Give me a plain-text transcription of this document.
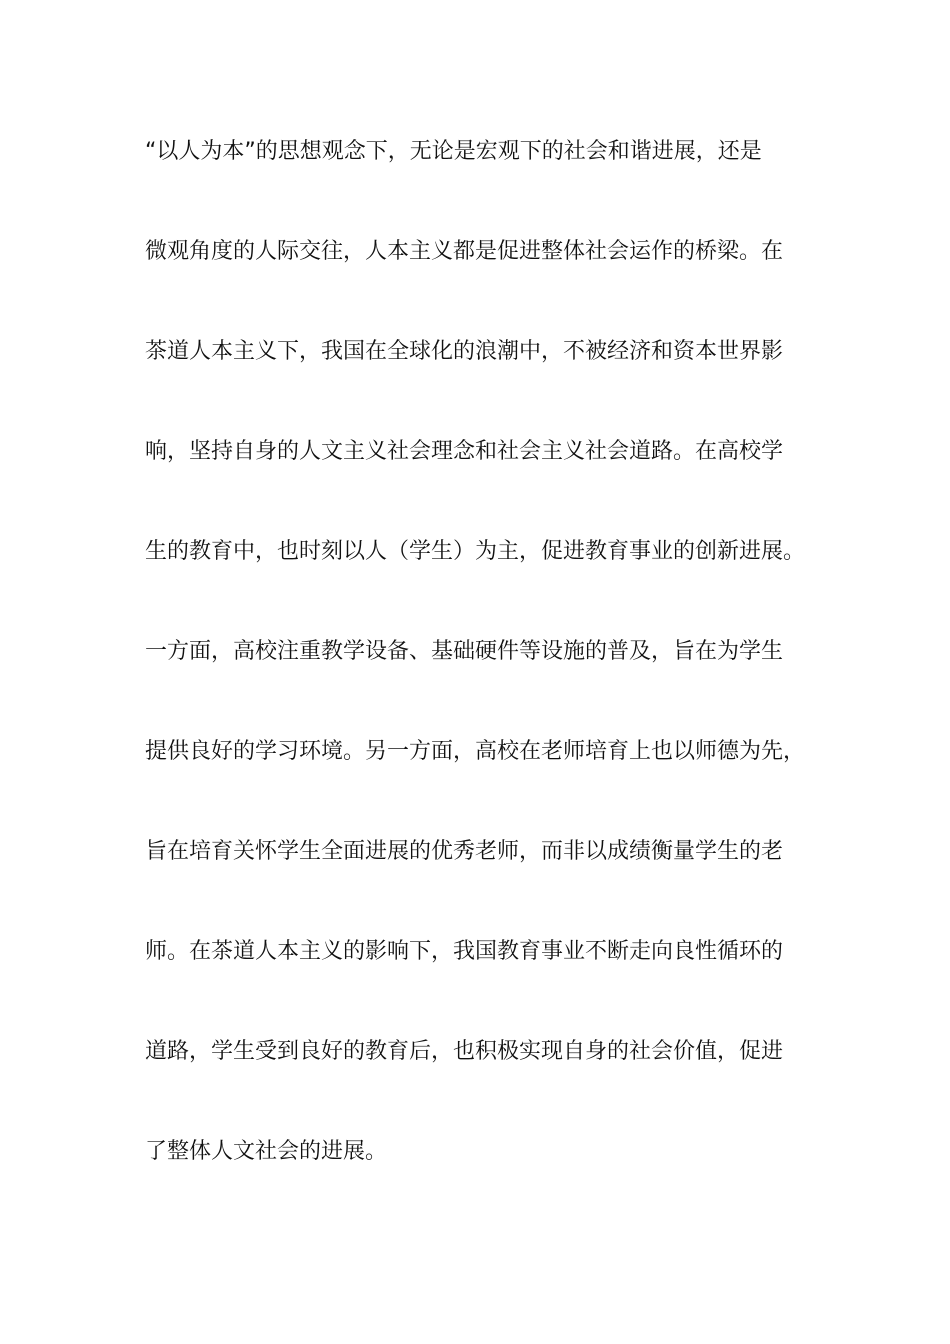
“以人为本”的思想观念下，无论是宏观下的社会和谐进展，还是
微观角度的人际交往，人本主义都是促进整体社会运作的桥梁。在
茶道人本主义下，我国在全球化的浪潮中，不被经济和资本世界影
响，坚持自身的人文主义社会理念和社会主义社会道路。在高校学
生的教育中，也时刻以人（学生）为主，促进教育事业的创新进展。
一方面，高校注重教学设备、基础硬件等设施的普及，旨在为学生
提供良好的学习环境。另一方面，高校在老师培育上也以师德为先，
旨在培育关怀学生全面进展的优秀老师，而非以成绩衡量学生的老
师。在茶道人本主义的影响下，我国教育事业不断走向良性循环的
道路，学生受到良好的教育后，也积极实现自身的社会价值，促进
了整体人文社会的进展。
